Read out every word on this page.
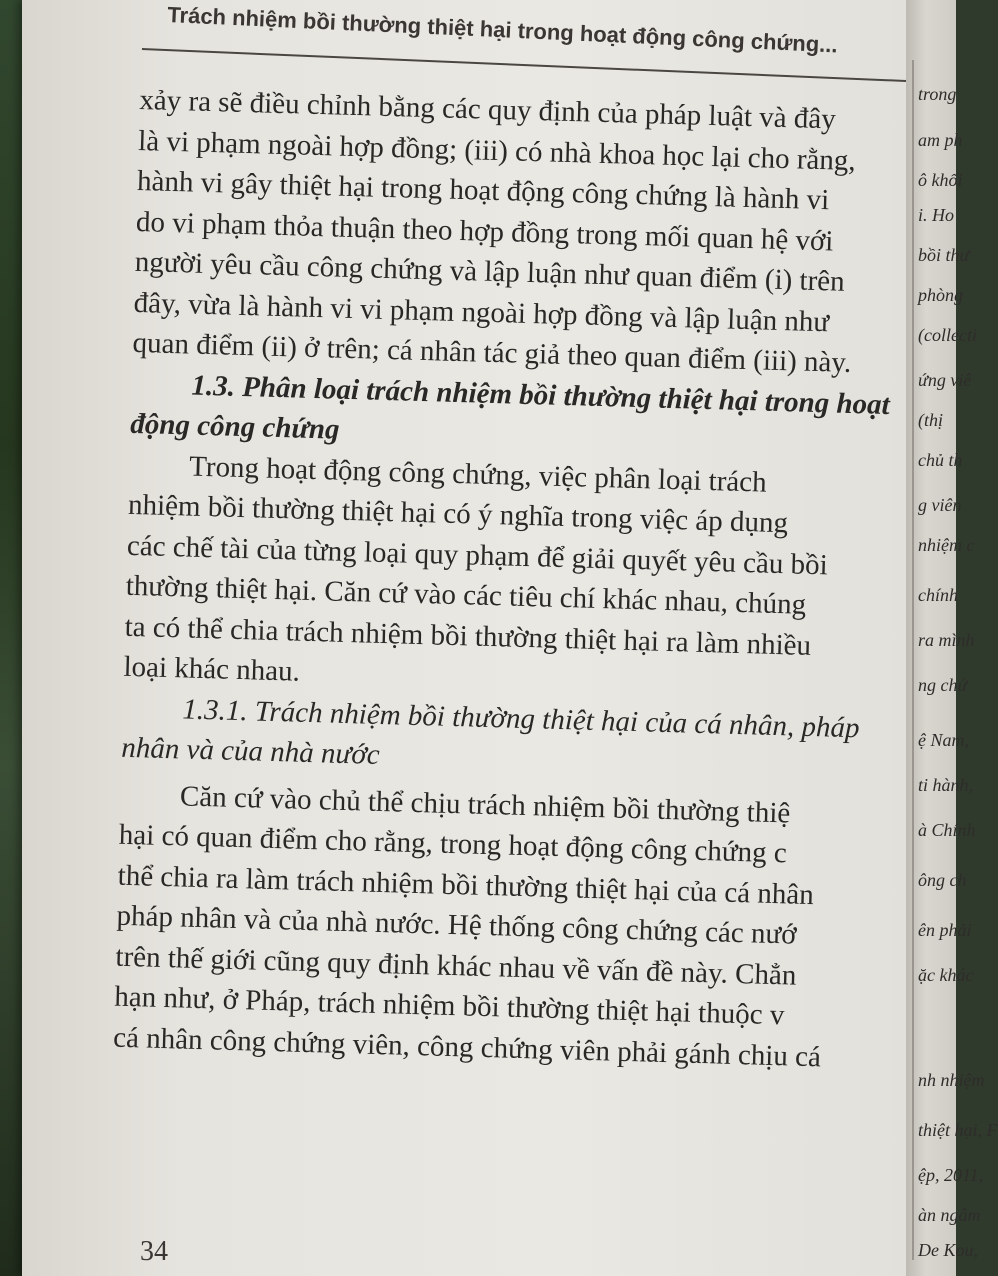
Trách nhiệm bồi thường thiệt hại trong hoạt động công chứng...
xảy ra sẽ điều chỉnh bằng các quy định của pháp luật và đây
là vi phạm ngoài hợp đồng; (iii) có nhà khoa học lại cho rằng,
hành vi gây thiệt hại trong hoạt động công chứng là hành vi
do vi phạm thỏa thuận theo hợp đồng trong mối quan hệ với
người yêu cầu công chứng và lập luận như quan điểm (i) trên
đây, vừa là hành vi vi phạm ngoài hợp đồng và lập luận như
quan điểm (ii) ở trên; cá nhân tác giả theo quan điểm (iii) này.
1.3. Phân loại trách nhiệm bồi thường thiệt hại trong hoạt
động công chứng
Trong hoạt động công chứng, việc phân loại trách
nhiệm bồi thường thiệt hại có ý nghĩa trong việc áp dụng
các chế tài của từng loại quy phạm để giải quyết yêu cầu bồi
thường thiệt hại. Căn cứ vào các tiêu chí khác nhau, chúng
ta có thể chia trách nhiệm bồi thường thiệt hại ra làm nhiều
loại khác nhau.
1.3.1. Trách nhiệm bồi thường thiệt hại của cá nhân, pháp
nhân và của nhà nước
Căn cứ vào chủ thể chịu trách nhiệm bồi thường thiệ
hại có quan điểm cho rằng, trong hoạt động công chứng c
thể chia ra làm trách nhiệm bồi thường thiệt hại của cá nhân
pháp nhân và của nhà nước. Hệ thống công chứng các nướ
trên thế giới cũng quy định khác nhau về vấn đề này. Chẳn
hạn như, ở Pháp, trách nhiệm bồi thường thiệt hại thuộc v
cá nhân công chứng viên, công chứng viên phải gánh chịu cá
34
trong
am ph
ô khối
i. Ho
bồi thư
phòng
(collecti
ứng viê
(thị
chủ th
g viên
nhiệm c
chính
ra mình
ng chứ
ệ Nam,
ti hành,
à Chính
ông ch
ên phải
ặc khác
nh nhiệm
thiệt hại, F
ệp, 2011,
àn ngâm
De Kou,
